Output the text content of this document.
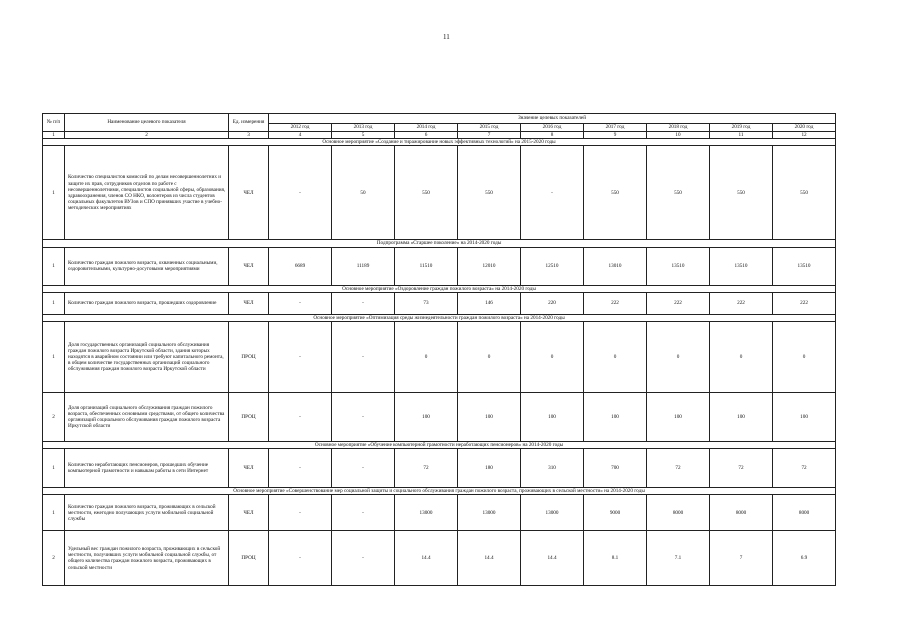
11
№ п/п	Наименование целевого показателя	Ед. измерения	Значение целевых показателей								
			2012 год	2013 год	2014 год	2015 год	2016 год	2017 год	2018 год	2019 год	2020 год
1	2	3	4	5	6	7	8	9	10	11	12
Основное мероприятие «Создание и тиражирование новых эффективных технологий» на 2015-2020 годы											
1	Количество специалистов комиссий по делам несовершеннолетних и защите их прав, сотрудников отделов по работе с несовершеннолетними, специалистов социальной сферы, образования, здравоохранения, членов СО НКО, волонтеров из числа студентов социальных факультетов ВУЗов и СПО принявших участие в учебно-методических мероприятиях	ЧЕЛ	-	50	550	550	-	550	550	550	550
Подпрограмма «Старшее поколение» на 2014-2020 годы											
1	Количество граждан пожилого возраста, охваченных социальными, оздоровительными, культурно-досуговыми мероприятиями	ЧЕЛ	6689	11189	11510	12010	12510	13010	13510	13510	13510
Основное мероприятие «Оздоровление граждан пожилого возраста» на 2014-2020 годы											
1	Количество граждан пожилого возраста, прошедших оздоровление	ЧЕЛ	-	-	73	146	220	222	222	222	222
Основное мероприятие «Оптимизация среды жизнедеятельности граждан пожилого возраста» на 2014-2020 годы											
1	Доля государственных организаций социального обслуживания граждан пожилого возраста Иркутской области, здания которых находятся в аварийном состоянии или требуют капитального ремонта, в общем количестве государственных организаций социального обслуживания граждан пожилого возраста Иркутской области	ПРОЦ	-	-	0	0	0	0	0	0	0
2	Доля организаций социального обслуживания граждан пожилого возраста, обеспеченных основными средствами, от общего количества организаций социального обслуживания граждан пожилого возраста Иркутской области	ПРОЦ	-	-	100	100	100	100	100	100	100
Основное мероприятие «Обучение компьютерной грамотности неработающих пенсионеров» на 2014-2020 годы											
1	Количество неработающих пенсионеров, прошедших обучение компьютерной грамотности и навыкам работы в сети Интернет	ЧЕЛ	-	-	72	180	310	700	72	72	72
Основное мероприятие «Совершенствование мер социальной защиты и социального обслуживания граждан пожилого возраста, проживающих в сельской местности» на 2014-2020 годы											
1	Количество граждан пожилого возраста, проживающих в сельской местности, ежегодно получающих услуги мобильной социальной службы	ЧЕЛ	-	-	13000	13000	13000	9000	8000	8000	8000
2	Удельный вес граждан пожилого возраста, проживающих в сельской местности, получивших услуги мобильной социальной службы, от общего количества граждан пожилого возраста, проживающих в сельской местности	ПРОЦ	-	-	14.4	14.4	14.4	8.1	7.1	7	6.9
